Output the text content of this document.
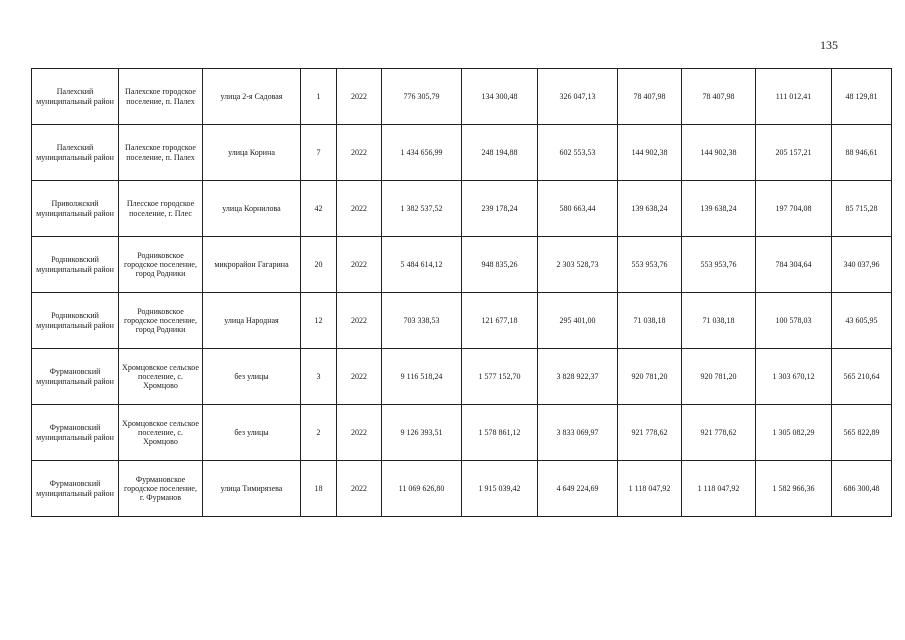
135
Палехский муниципальный район	Палехское городское поселение, п. Палех	улица 2-я Садовая	1	2022	776 305,79	134 300,48	326 047,13	78 407,98	78 407,98	111 012,41	48 129,81

Палехский муниципальный район	Палехское городское поселение, п. Палех	улица Корина	7	2022	1 434 656,99	248 194,88	602 553,53	144 902,38	144 902,38	205 157,21	88 946,61

Приволжский муниципальный район	Плесское городское поселение, г. Плес	улица Корнилова	42	2022	1 382 537,52	239 178,24	580 663,44	139 638,24	139 638,24	197 704,08	85 715,28

Родниковский муниципальный район	Родниковское городское поселение, город Родники	микрорайон Гагарина	20	2022	5 484 614,12	948 835,26	2 303 528,73	553 953,76	553 953,76	784 304,64	340 037,96

Родниковский муниципальный район	Родниковское городское поселение, город Родники	улица Народная	12	2022	703 338,53	121 677,18	295 401,00	71 038,18	71 038,18	100 578,03	43 605,95

Фурмановский муниципальный район	Хромцовское сельское поселение, с. Хромцово	без улицы	3	2022	9 116 518,24	1 577 152,70	3 828 922,37	920 781,20	920 781,20	1 303 670,12	565 210,64

Фурмановский муниципальный район	Хромцовское сельское поселение, с. Хромцово	без улицы	2	2022	9 126 393,51	1 578 861,12	3 833 069,97	921 778,62	921 778,62	1 305 082,29	565 822,89

Фурмановский муниципальный район	Фурмановское городское поселение, г. Фурманов	улица Тимирязева	18	2022	11 069 626,80	1 915 039,42	4 649 224,69	1 118 047,92	1 118 047,92	1 582 966,36	686 300,48
